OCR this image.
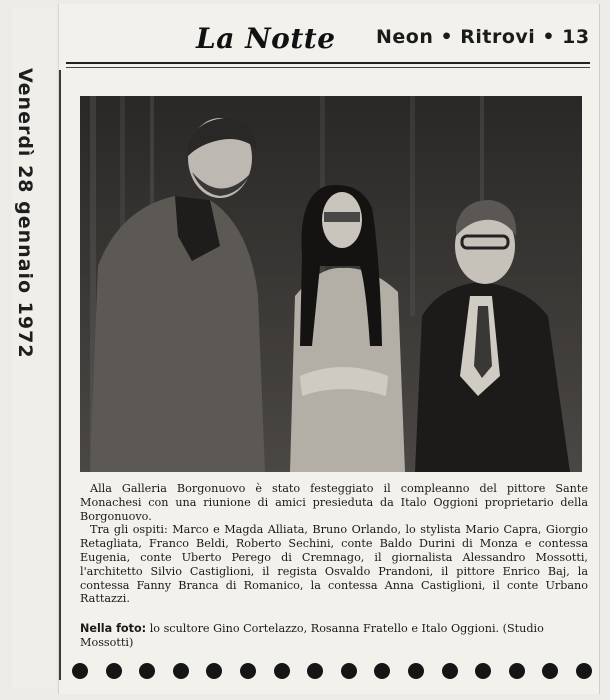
Venerdì 28 gennaio 1972
La Notte Neon • Ritrovi • 13

Alla Galleria Borgonuovo è stato festeggiato il compleanno del pittore Sante Monachesi con una riunione di amici presieduta da Italo Oggioni proprietario della Borgonuovo.

Tra gli ospiti: Marco e Magda Alliata, Bruno Orlando, lo stylista Mario Capra, Giorgio Retagliata, Franco Beldi, Roberto Sechini, conte Baldo Durini di Monza e contessa Eugenia, conte Uberto Perego di Cremnago, il giornalista Alessandro Mossotti, l'architetto Silvio Castiglioni, il regista Osvaldo Prandoni, il pittore Enrico Baj, la contessa Fanny Branca di Romanico, la contessa Anna Castiglioni, il conte Urbano Rattazzi.

Nella foto: lo scultore Gino Cortelazzo, Rosanna Fratello e Italo Oggioni. (Studio Mossotti)
